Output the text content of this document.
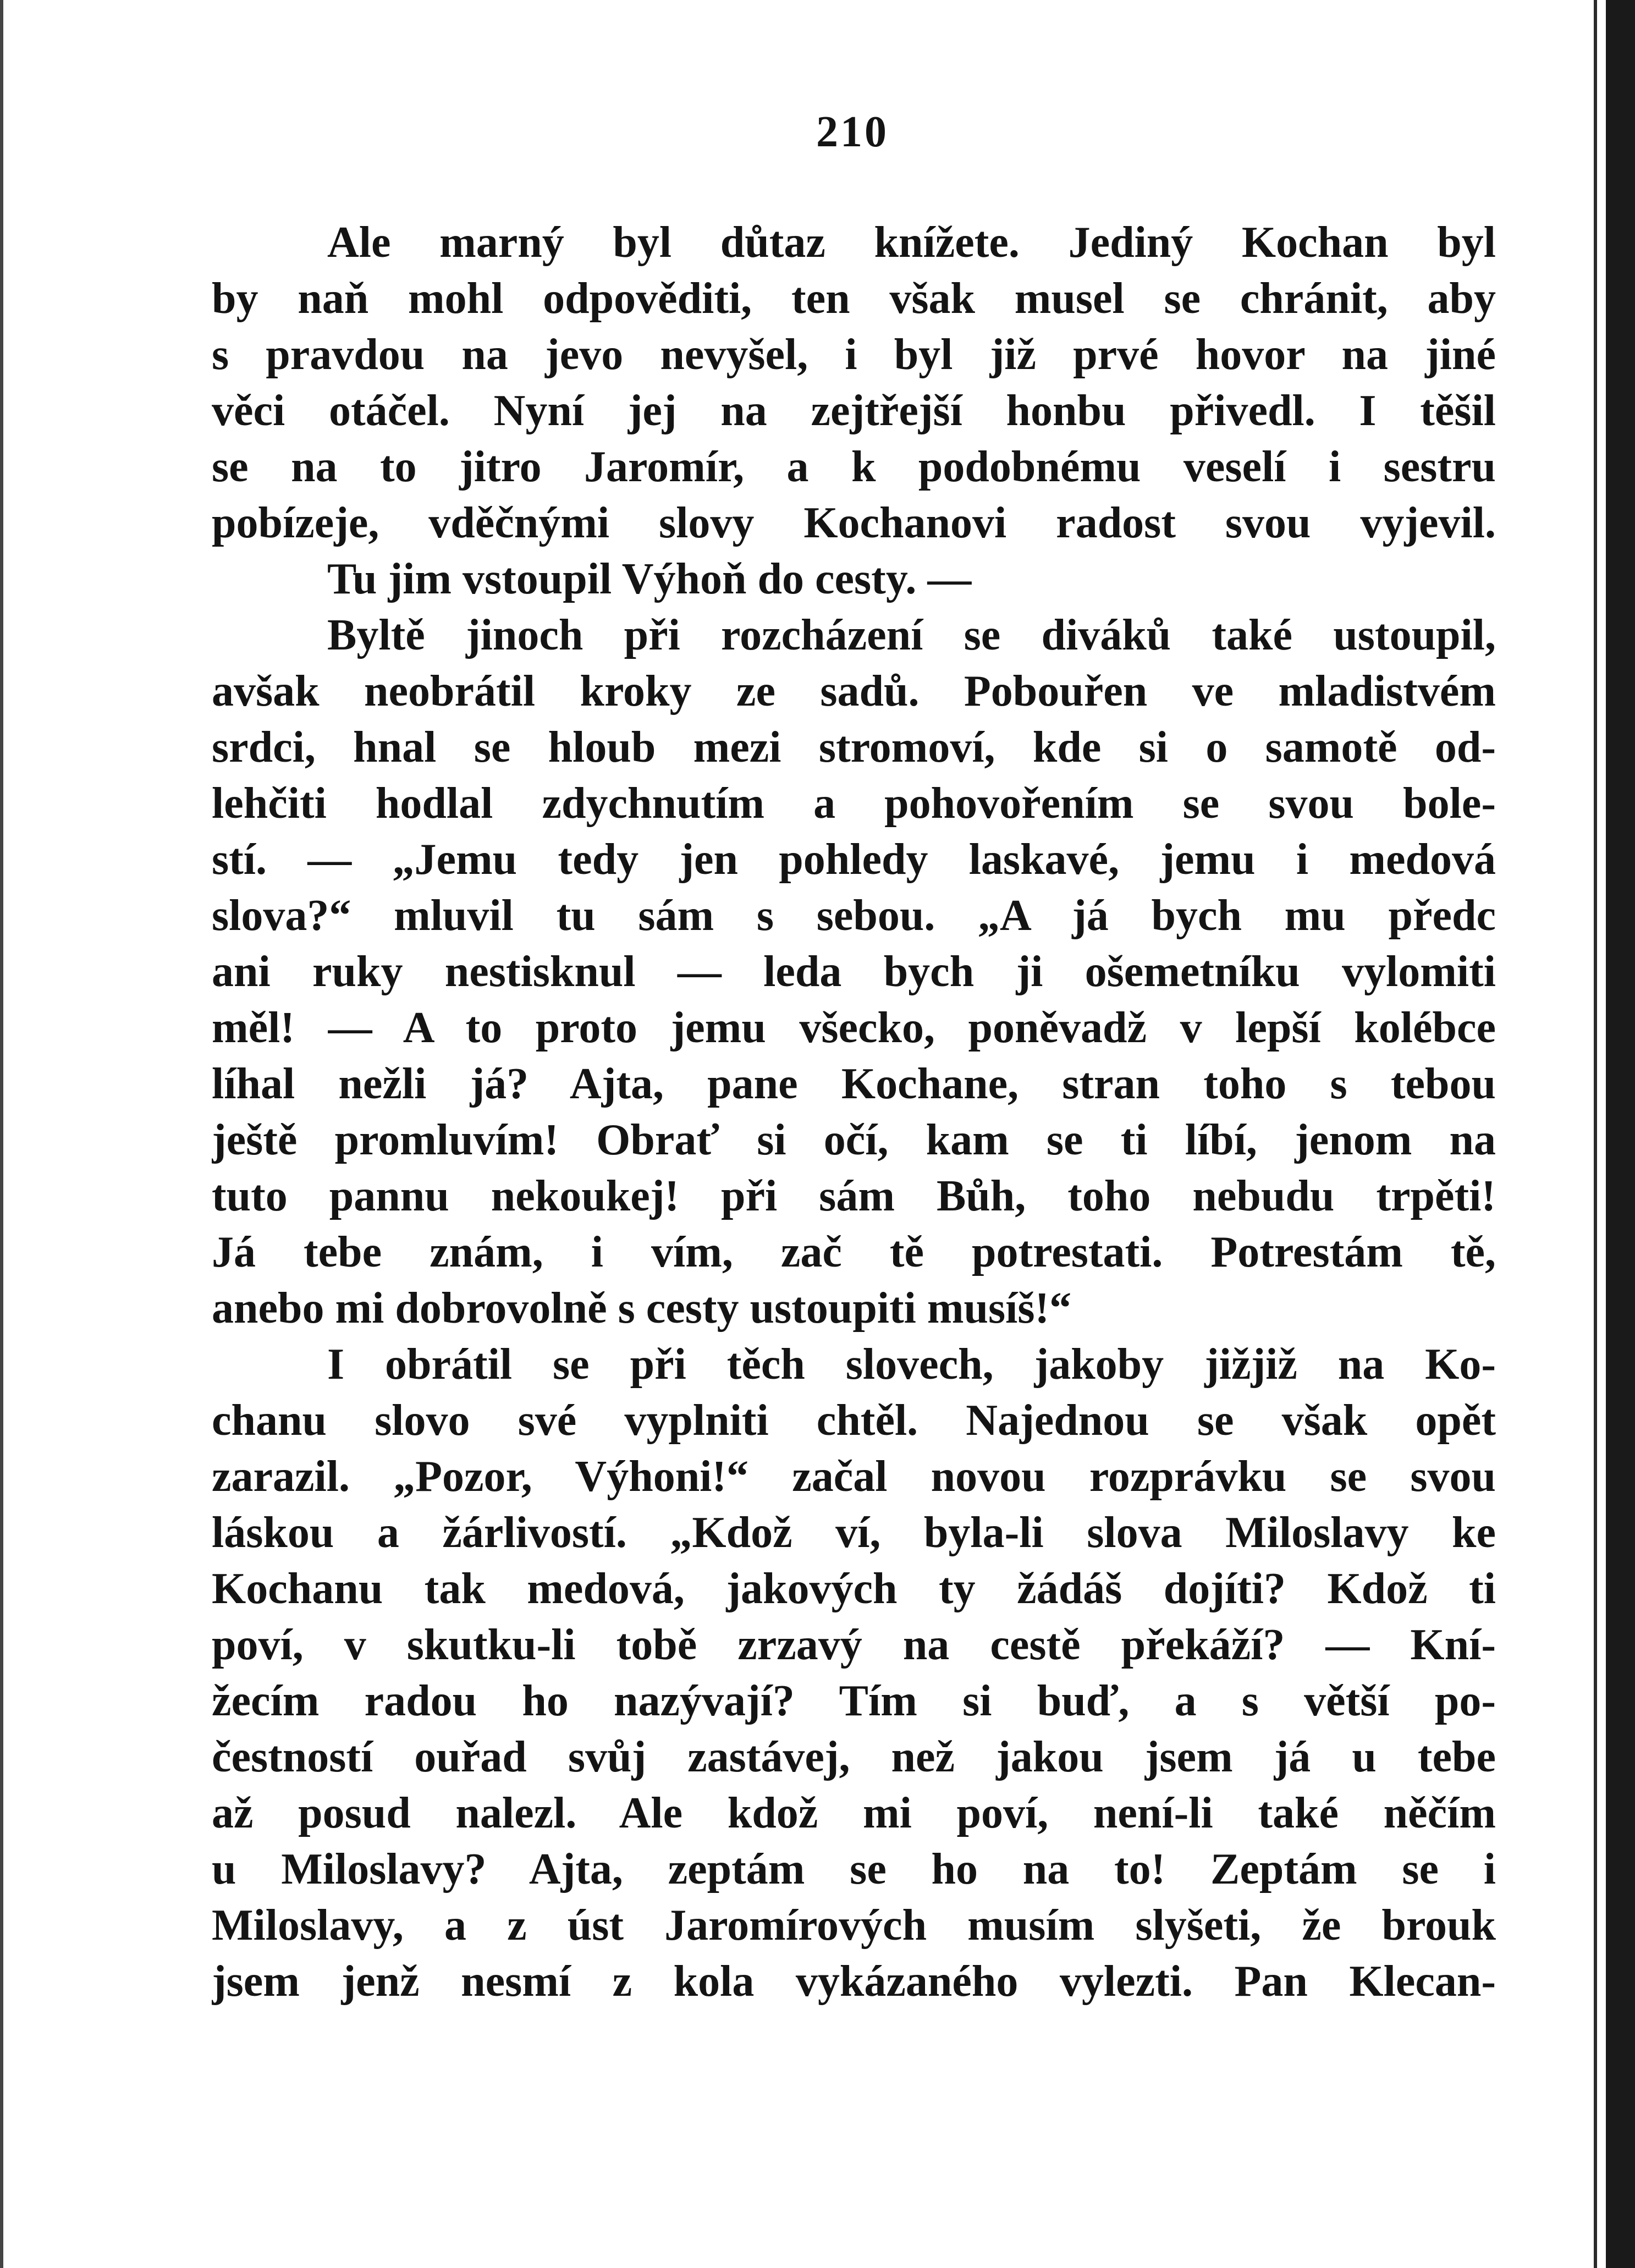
210
Ale marný byl důtaz knížete. Jediný Kochan byl
by naň mohl odpověditi, ten však musel se chránit, aby
s pravdou na jevo nevyšel, i byl již prvé hovor na jiné
věci otáčel. Nyní jej na zejtřejší honbu přivedl. I těšil
se na to jitro Jaromír, a k podobnému veselí i sestru
pobízeje, vděčnými slovy Kochanovi radost svou vyjevil.
Tu jim vstoupil Výhoň do cesty. —
Byltě jinoch při rozcházení se diváků také ustoupil,
avšak neobrátil kroky ze sadů. Pobouřen ve mladistvém
srdci, hnal se hloub mezi stromoví, kde si o samotě od-
lehčiti hodlal zdychnutím a pohovořením se svou bole-
stí. — „Jemu tedy jen pohledy laskavé, jemu i medová
slova?“ mluvil tu sám s sebou. „A já bych mu předc
ani ruky nestisknul — leda bych ji ošemetníku vylomiti
měl! — A to proto jemu všecko, poněvadž v lepší kolébce
líhal nežli já? Ajta, pane Kochane, stran toho s tebou
ještě promluvím! Obrať si očí, kam se ti líbí, jenom na
tuto pannu nekoukej! při sám Bůh, toho nebudu trpěti!
Já tebe znám, i vím, zač tě potrestati. Potrestám tě,
anebo mi dobrovolně s cesty ustoupiti musíš!“
I obrátil se při těch slovech, jakoby jižjiž na Ko-
chanu slovo své vyplniti chtěl. Najednou se však opět
zarazil. „Pozor, Výhoni!“ začal novou rozprávku se svou
láskou a žárlivostí. „Kdož ví, byla-li slova Miloslavy ke
Kochanu tak medová, jakových ty žádáš dojíti? Kdož ti
poví, v skutku-li tobě zrzavý na cestě překáží? — Kní-
žecím radou ho nazývají? Tím si buď, a s větší po-
čestností ouřad svůj zastávej, než jakou jsem já u tebe
až posud nalezl. Ale kdož mi poví, není-li také něčím
u Miloslavy? Ajta, zeptám se ho na to! Zeptám se i
Miloslavy, a z úst Jaromírových musím slyšeti, že brouk
jsem jenž nesmí z kola vykázaného vylezti. Pan Klecan-
